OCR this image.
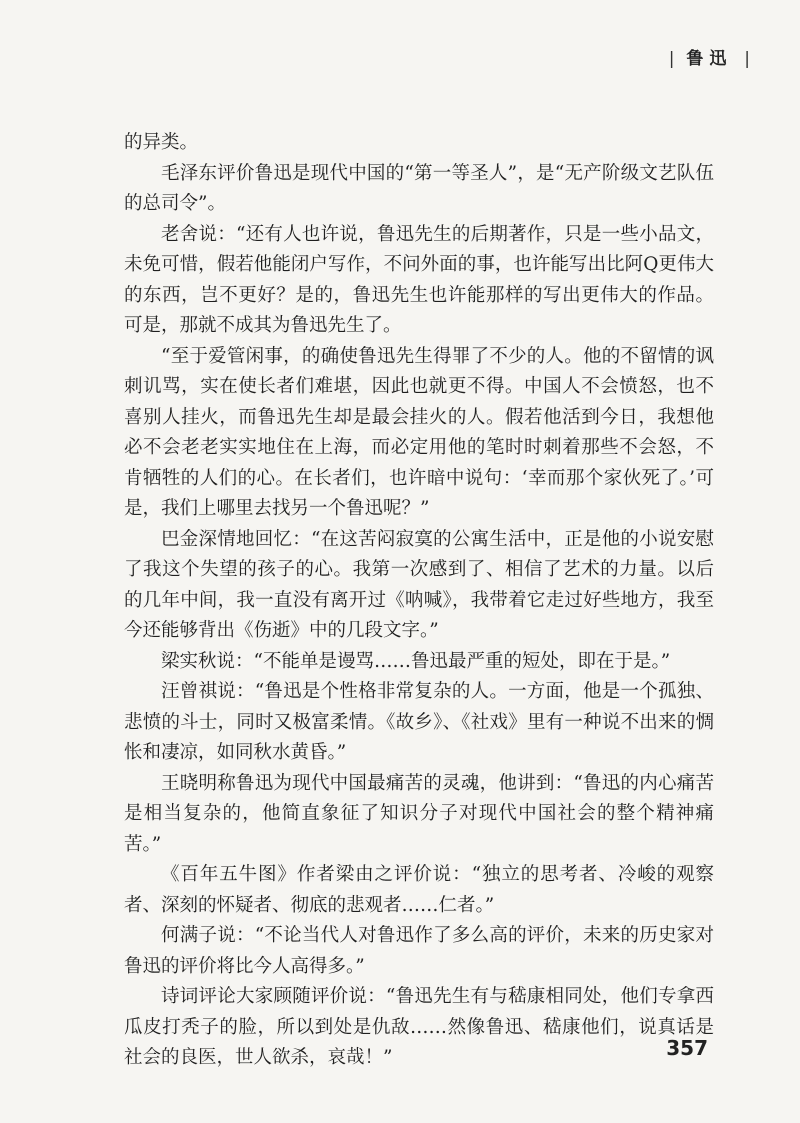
| 鲁迅 |

的异类。

毛泽东评价鲁迅是现代中国的“第一等圣人”，是“无产阶级文艺队伍的总司令”。

老舍说：“还有人也许说，鲁迅先生的后期著作，只是一些小品文，未免可惜，假若他能闭户写作，不问外面的事，也许能写出比阿Q更伟大的东西，岂不更好？是的，鲁迅先生也许能那样的写出更伟大的作品。可是，那就不成其为鲁迅先生了。

“至于爱管闲事，的确使鲁迅先生得罪了不少的人。他的不留情的讽刺讥骂，实在使长者们难堪，因此也就更不得。中国人不会愤怒，也不喜别人挂火，而鲁迅先生却是最会挂火的人。假若他活到今日，我想他必不会老老实实地住在上海，而必定用他的笔时时刺着那些不会怒，不肯牺牲的人们的心。在长者们，也许暗中说句：‘幸而那个家伙死了。’可是，我们上哪里去找另一个鲁迅呢？”

巴金深情地回忆：“在这苦闷寂寞的公寓生活中，正是他的小说安慰了我这个失望的孩子的心。我第一次感到了、相信了艺术的力量。以后的几年中间，我一直没有离开过《呐喊》，我带着它走过好些地方，我至今还能够背出《伤逝》中的几段文字。”

梁实秋说：“不能单是谩骂……鲁迅最严重的短处，即在于是。”

汪曾祺说：“鲁迅是个性格非常复杂的人。一方面，他是一个孤独、悲愤的斗士，同时又极富柔情。《故乡》、《社戏》里有一种说不出来的惆怅和凄凉，如同秋水黄昏。”

王晓明称鲁迅为现代中国最痛苦的灵魂，他讲到：“鲁迅的内心痛苦是相当复杂的，他简直象征了知识分子对现代中国社会的整个精神痛苦。”

《百年五牛图》作者梁由之评价说：“独立的思考者、冷峻的观察者、深刻的怀疑者、彻底的悲观者……仁者。”

何满子说：“不论当代人对鲁迅作了多么高的评价，未来的历史家对鲁迅的评价将比今人高得多。”

诗词评论大家顾随评价说：“鲁迅先生有与嵇康相同处，他们专拿西瓜皮打秃子的脸，所以到处是仇敌……然像鲁迅、嵇康他们，说真话是社会的良医，世人欲杀，哀哉！”	357
